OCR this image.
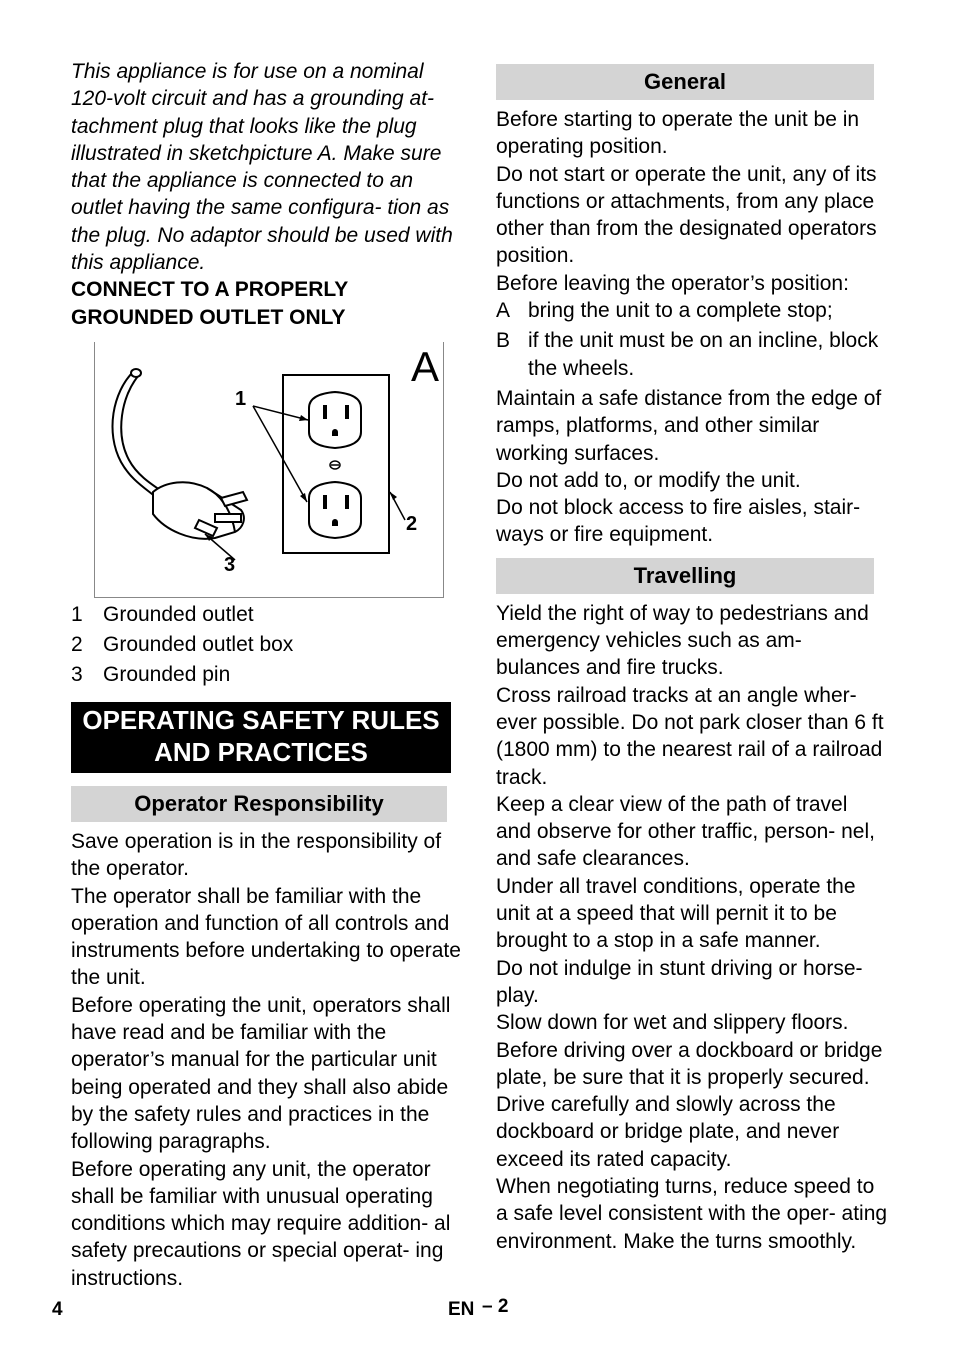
This appliance is for use on a nominal 120-volt circuit and has a grounding at- tachment plug that looks like the plug illustrated in sketchpicture A. Make sure that the appliance is connected to an outlet having the same configura- tion as the plug. No adaptor should be used with this appliance.

CONNECT TO A PROPERLY GROUNDED OUTLET ONLY

A
1
2
3
1 Grounded outlet
2 Grounded outlet box
3 Grounded pin
OPERATING SAFETY RULES AND PRACTICES
Operator Responsibility

Save operation is in the responsibility of the operator.

The operator shall be familiar with the operation and function of all controls and instruments before undertaking to operate the unit.

Before operating the unit, operators shall have read and be familiar with the operator’s manual for the particular unit being operated and they shall also abide by the safety rules and practices in the following paragraphs.

Before operating any unit, the operator shall be familiar with unusual operating conditions which may require addition- al safety precautions or special operat- ing instructions.

General

Before starting to operate the unit be in operating position.

Do not start or operate the unit, any of its functions or attachments, from any place other than from the designated operators position.

Before leaving the operator’s position:

A bring the unit to a complete stop;
B if the unit must be on an incline, block the wheels.

Maintain a safe distance from the edge of ramps, platforms, and other similar working surfaces.

Do not add to, or modify the unit.

Do not block access to fire aisles, stair- ways or fire equipment.

Travelling

Yield the right of way to pedestrians and emergency vehicles such as am- bulances and fire trucks.

Cross railroad tracks at an angle wher- ever possible. Do not park closer than 6 ft (1800 mm) to the nearest rail of a railroad track.

Keep a clear view of the path of travel and observe for other traffic, person- nel, and safe clearances.

Under all travel conditions, operate the unit at a speed that will pernit it to be brought to a stop in a safe manner.

Do not indulge in stunt driving or horse- play.

Slow down for wet and slippery floors.

Before driving over a dockboard or bridge plate, be sure that it is properly secured. Drive carefully and slowly across the dockboard or bridge plate, and never exceed its rated capacity.

When negotiating turns, reduce speed to a safe level consistent with the oper- ating environment. Make the turns smoothly.

4	EN – 2
